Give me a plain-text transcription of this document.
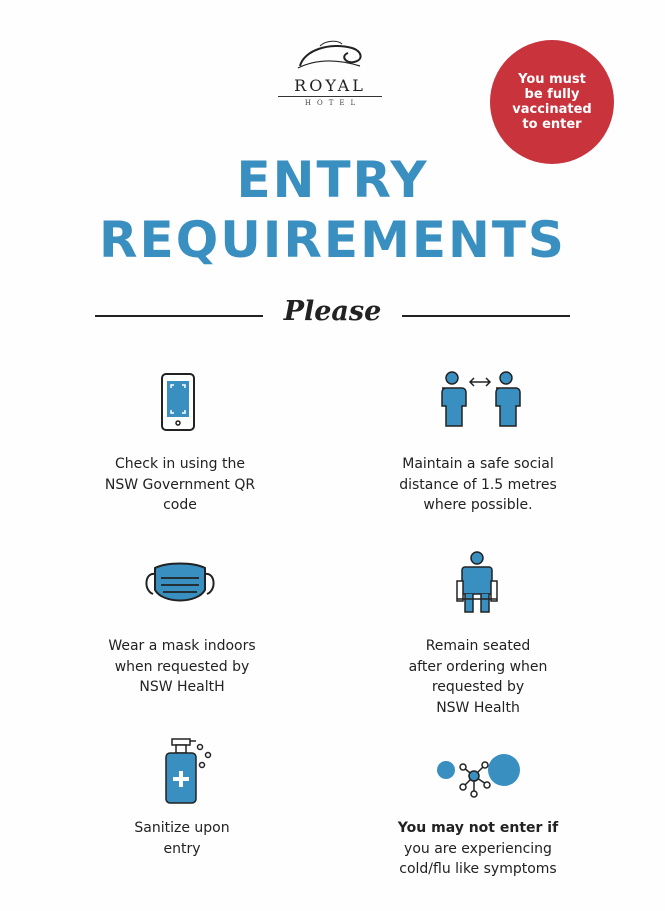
ROYAL
HOTEL
You must
be fully
vaccinated
to enter
ENTRY
REQUIREMENTS
Please
Check in using the
NSW Government QR
code
Maintain a safe social
distance of 1.5 metres
where possible.
Wear a mask indoors
when requested by
NSW HealtH
Remain seated
after ordering when
requested by
NSW Health
Sanitize upon
entry
You may not enter if
you are experiencing
cold/flu like symptoms
